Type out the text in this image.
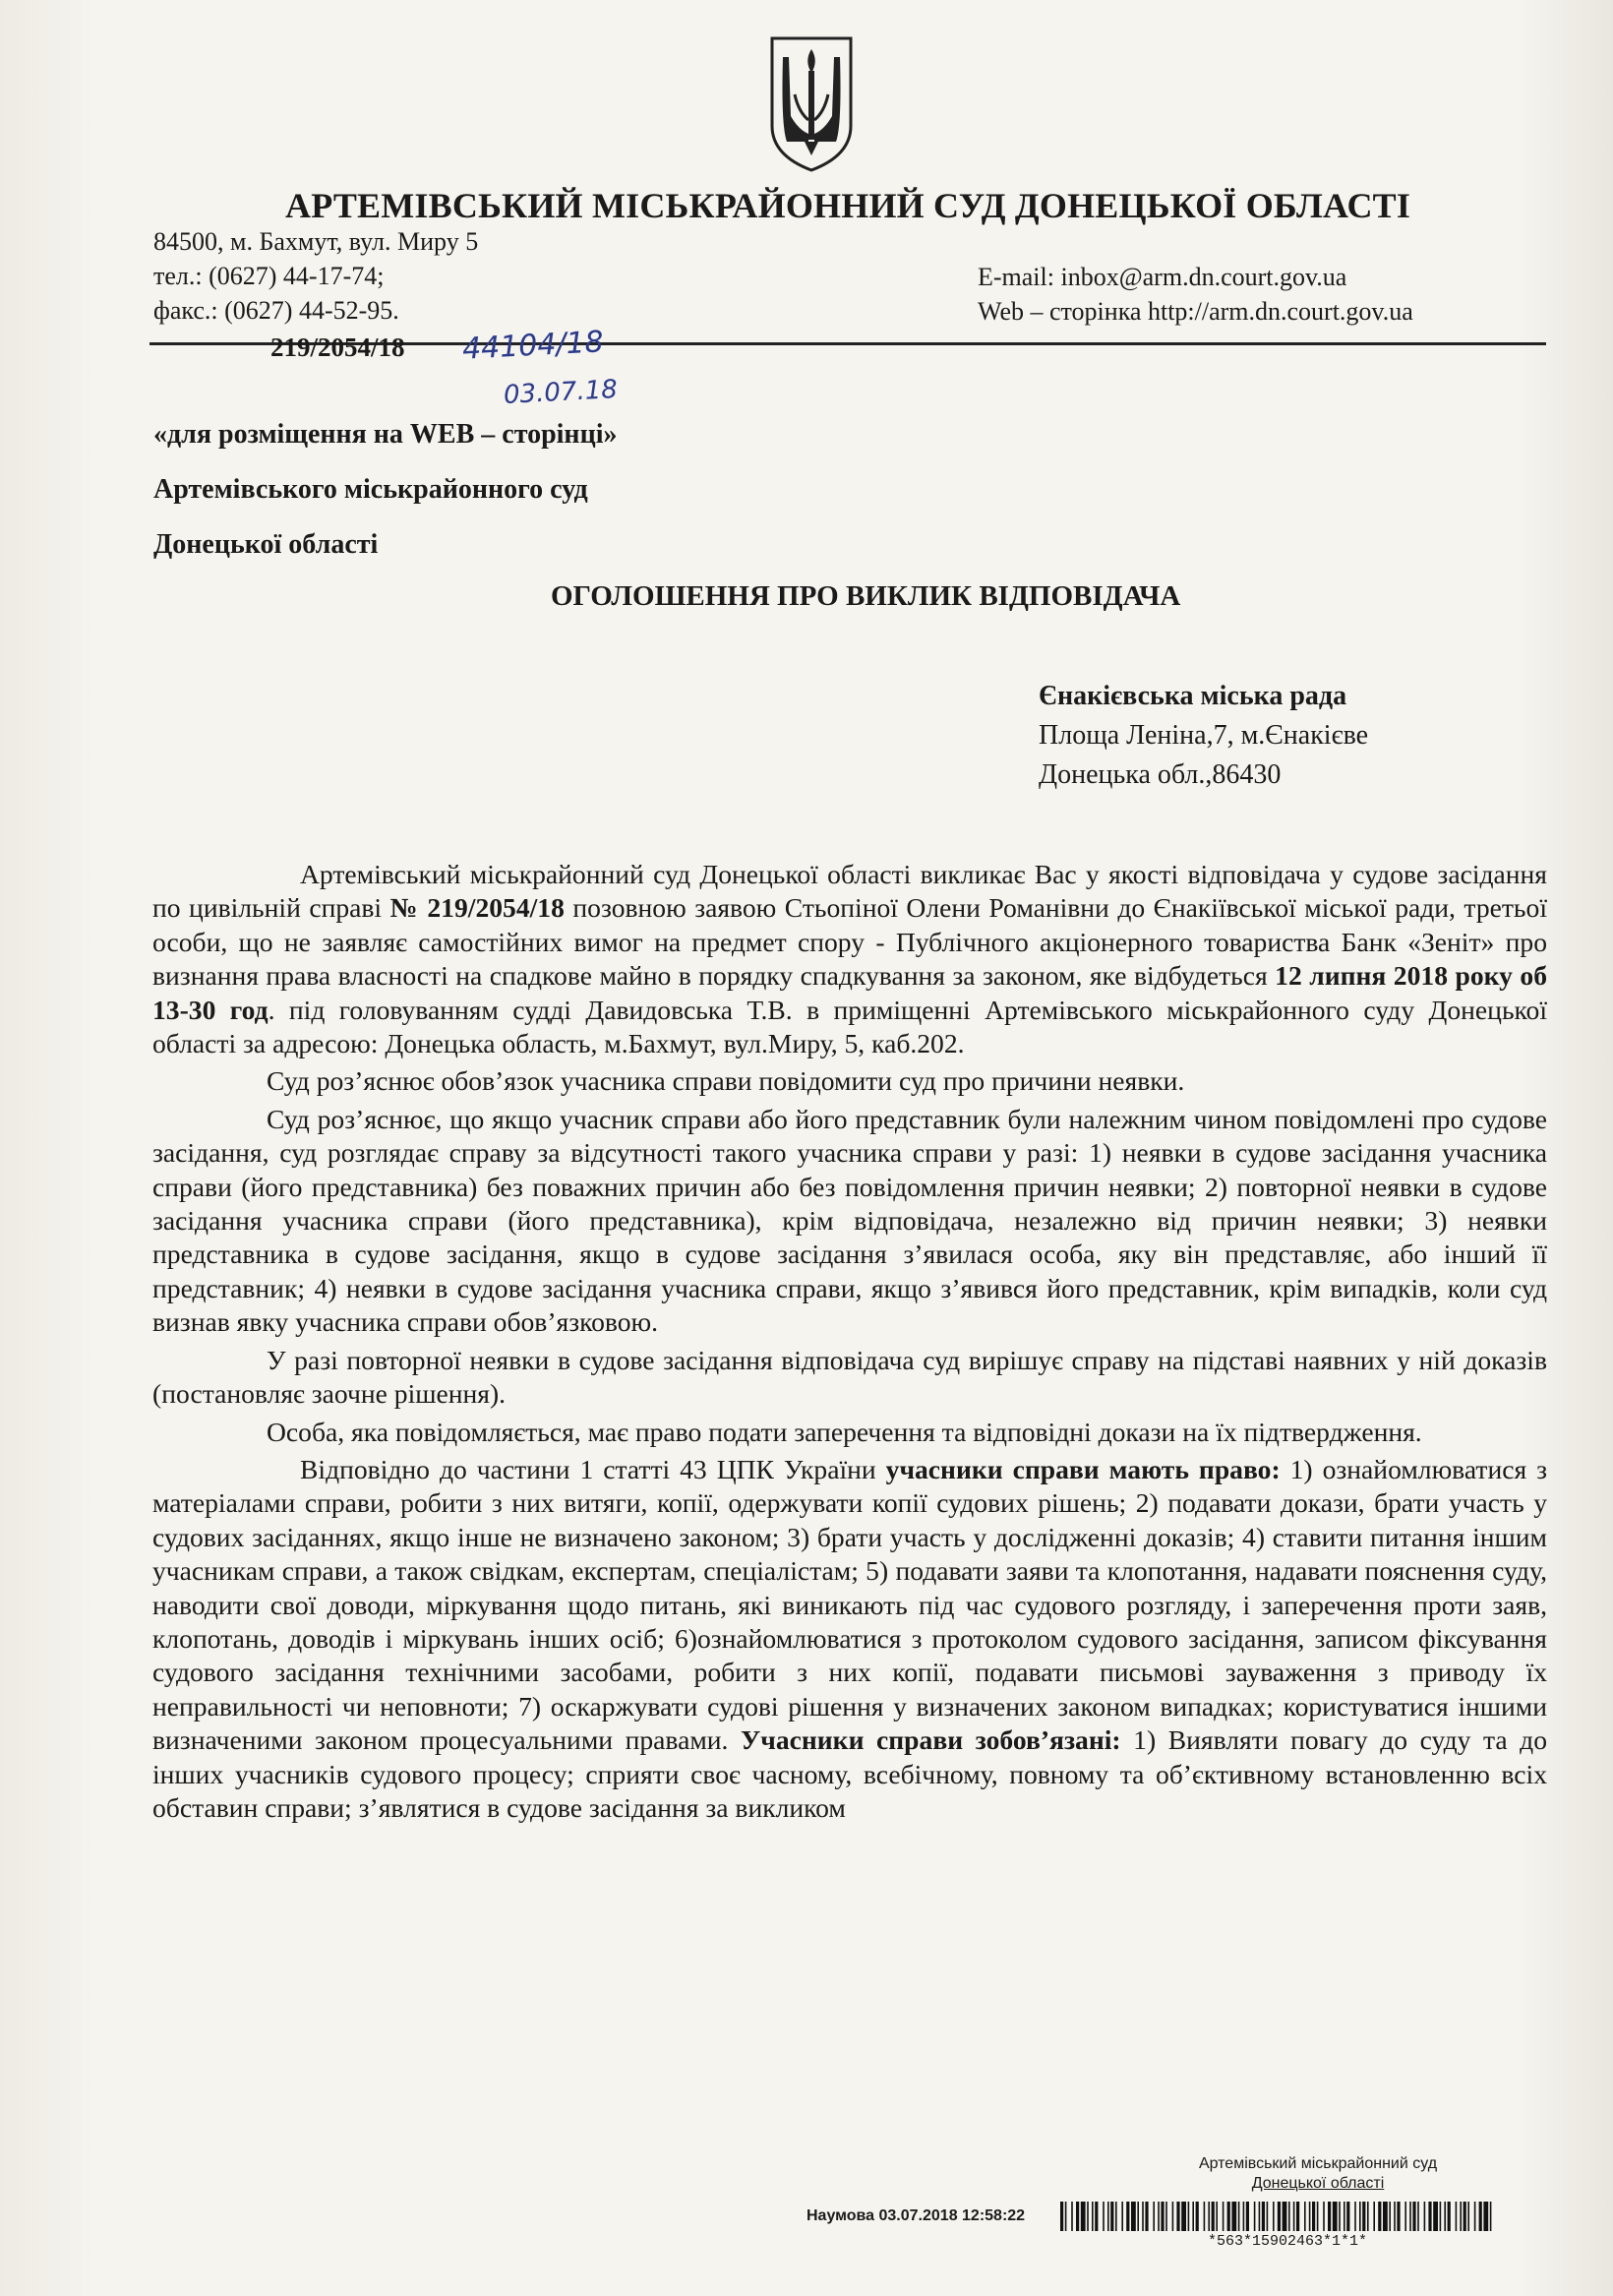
АРТЕМІВСЬКИЙ МІСЬКРАЙОННИЙ СУД ДОНЕЦЬКОЇ ОБЛАСТІ
84500, м. Бахмут, вул. Миру 5
тел.: (0627) 44-17-74;
факс.: (0627) 44-52-95.
E-mail: inbox@arm.dn.court.gov.ua
Web – сторінка http://arm.dn.court.gov.ua
219/2054/18 44104/18
03.07.18
«для розміщення на WEB – сторінці»
Артемівського міськрайонного суд
Донецької області
ОГОЛОШЕННЯ ПРО ВИКЛИК ВІДПОВІДАЧА
Єнакієвська міська рада
Площа Леніна,7, м.Єнакієве
Донецька обл.,86430

Артемівський міськрайонний суд Донецької області викликає Вас у якості відповідача у судове засідання по цивільній справі № 219/2054/18 позовною заявою Стьопіної Олени Романівни до Єнакіївської міської ради, третьої особи, що не заявляє самостійних вимог на предмет спору - Публічного акціонерного товариства Банк «Зеніт» про визнання права власності на спадкове майно в порядку спадкування за законом, яке відбудеться 12 липня 2018 року об 13-30 год. під головуванням судді Давидовська Т.В. в приміщенні Артемівського міськрайонного суду Донецької області за адресою: Донецька область, м.Бахмут, вул.Миру, 5, каб.202.

Суд роз’яснює обов’язок учасника справи повідомити суд про причини неявки.

Суд роз’яснює, що якщо учасник справи або його представник були належним чином повідомлені про судове засідання, суд розглядає справу за відсутності такого учасника справи у разі: 1) неявки в судове засідання учасника справи (його представника) без поважних причин або без повідомлення причин неявки; 2) повторної неявки в судове засідання учасника справи (його представника), крім відповідача, незалежно від причин неявки; 3) неявки представника в судове засідання, якщо в судове засідання з’явилася особа, яку він представляє, або інший її представник; 4) неявки в судове засідання учасника справи, якщо з’явився його представник, крім випадків, коли суд визнав явку учасника справи обов’язковою.

У разі повторної неявки в судове засідання відповідача суд вирішує справу на підставі наявних у ній доказів (постановляє заочне рішення).

Особа, яка повідомляється, має право подати заперечення та відповідні докази на їх підтвердження.

Відповідно до частини 1 статті 43 ЦПК України учасники справи мають право: 1) ознайомлюватися з матеріалами справи, робити з них витяги, копії, одержувати копії судових рішень; 2) подавати докази, брати участь у судових засіданнях, якщо інше не визначено законом; 3) брати участь у дослідженні доказів; 4) ставити питання іншим учасникам справи, а також свідкам, експертам, спеціалістам; 5) подавати заяви та клопотання, надавати пояснення суду, наводити свої доводи, міркування щодо питань, які виникають під час судового розгляду, і заперечення проти заяв, клопотань, доводів і міркувань інших осіб; 6)ознайомлюватися з протоколом судового засідання, записом фіксування судового засідання технічними засобами, робити з них копії, подавати письмові зауваження з приводу їх неправильності чи неповноти; 7) оскаржувати судові рішення у визначених законом випадках; користуватися іншими визначеними законом процесуальними правами. Учасники справи зобов’язані: 1) Виявляти повагу до суду та до інших учасників судового процесу; сприяти своє часному, всебічному, повному та об’єктивному встановленню всіх обставин справи; з’являтися в судове засідання за викликом

Артемівський міськрайонний суд
Донецької області
Наумова 03.07.2018 12:58:22
*563*15902463*1*1*
